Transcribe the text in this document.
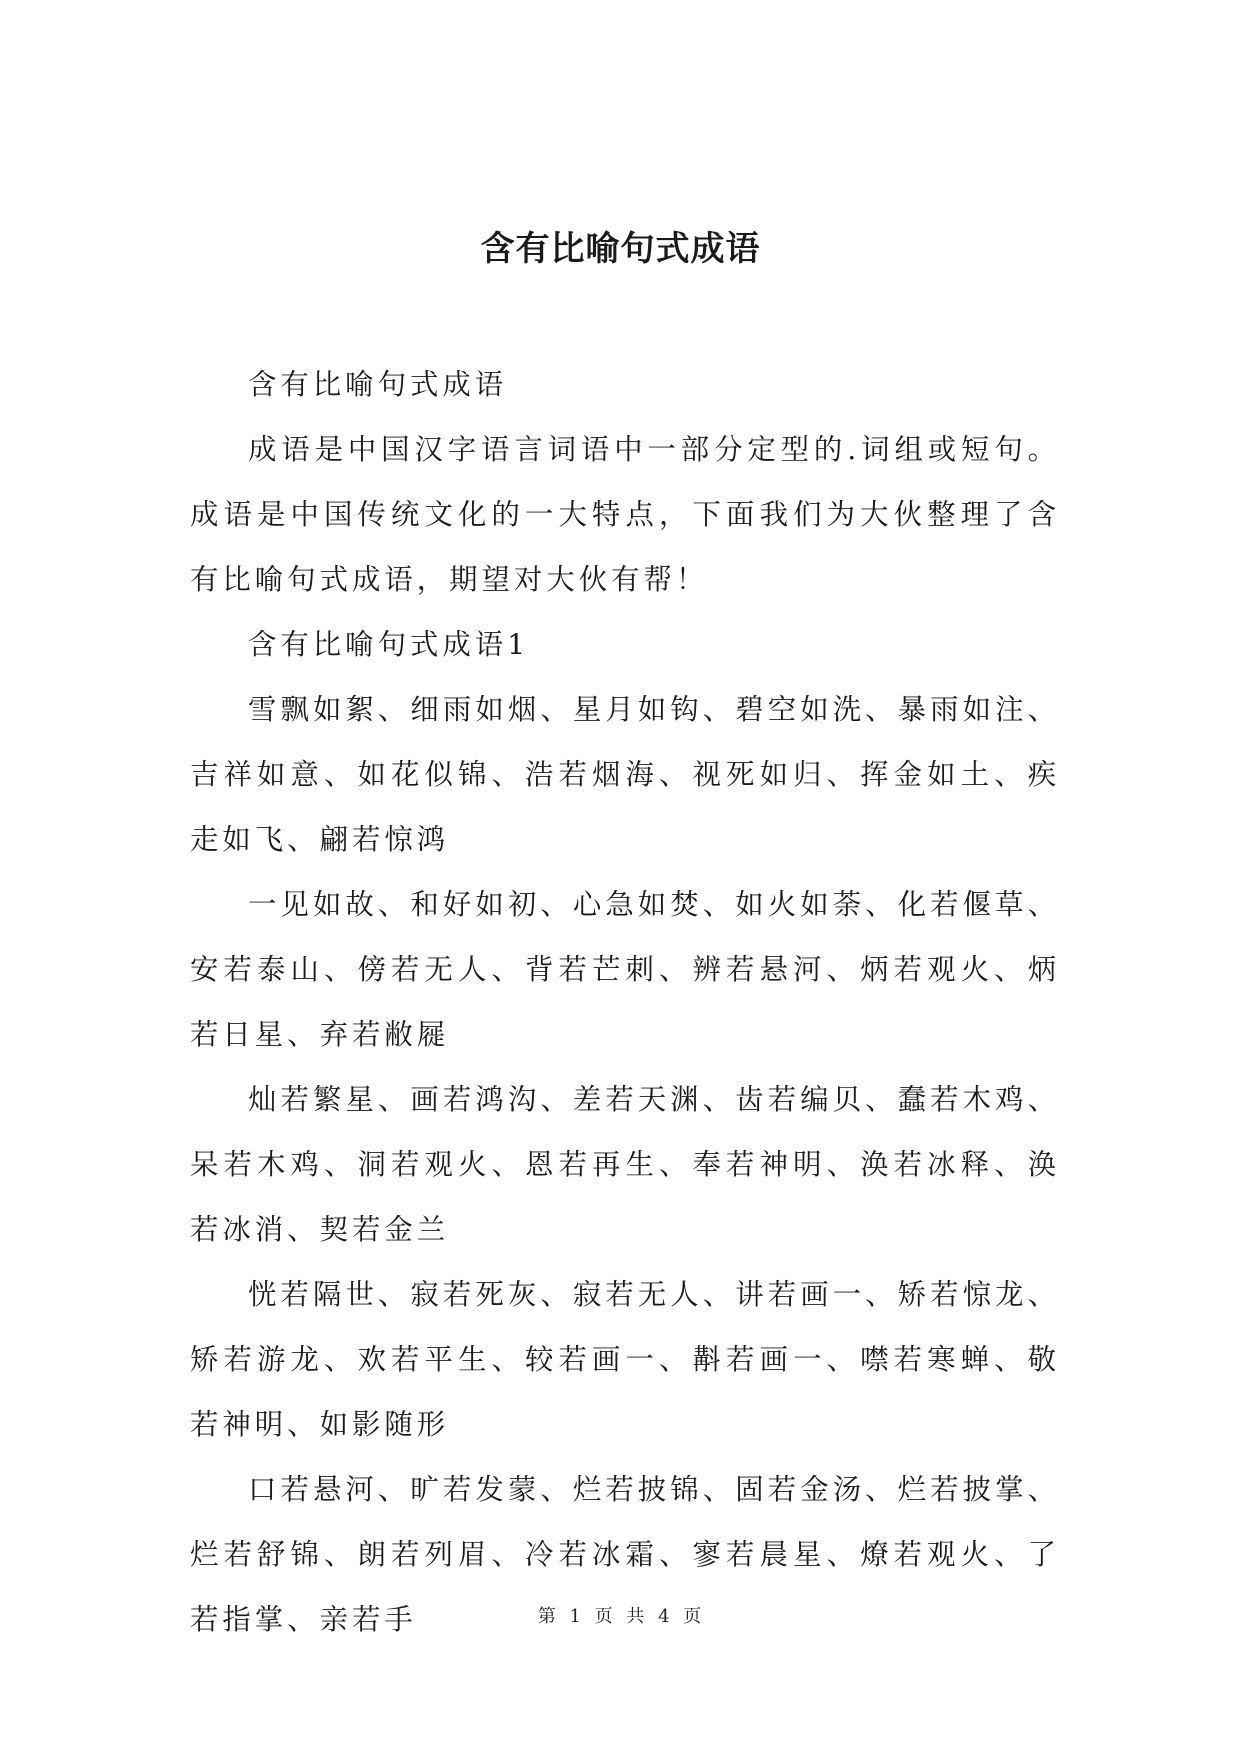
含有比喻句式成语

含有比喻句式成语

成语是中国汉字语言词语中一部分定型的.词组或短句。成语是中国传统文化的一大特点，下面我们为大伙整理了含有比喻句式成语，期望对大伙有帮！

含有比喻句式成语1

雪飘如絮、细雨如烟、星月如钩、碧空如洗、暴雨如注、吉祥如意、如花似锦、浩若烟海、视死如归、挥金如土、疾走如飞、翩若惊鸿

一见如故、和好如初、心急如焚、如火如荼、化若偃草、安若泰山、傍若无人、背若芒刺、辨若悬河、炳若观火、炳若日星、弃若敝屣

灿若繁星、画若鸿沟、差若天渊、齿若编贝、蠢若木鸡、呆若木鸡、洞若观火、恩若再生、奉若神明、涣若冰释、涣若冰消、契若金兰

恍若隔世、寂若死灰、寂若无人、讲若画一、矫若惊龙、矫若游龙、欢若平生、较若画一、斠若画一、噤若寒蝉、敬若神明、如影随形

口若悬河、旷若发蒙、烂若披锦、固若金汤、烂若披掌、烂若舒锦、朗若列眉、冷若冰霜、寥若晨星、燎若观火、了若指掌、亲若手	第 1 页 共 4 页
